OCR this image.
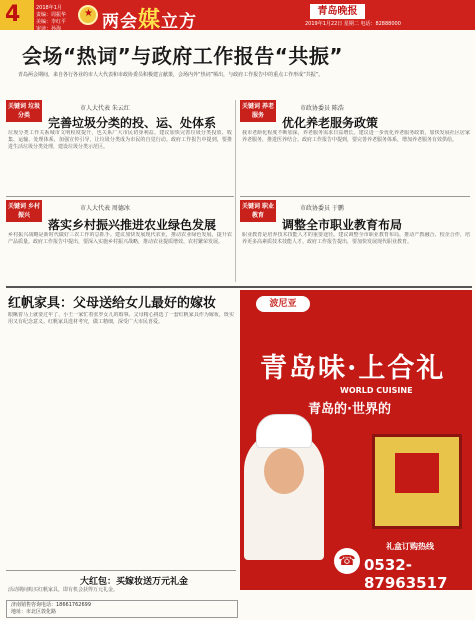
4	2018年1月
责编：周振华
美编：李红平
审读：孙海
★ 两会媒立方
青岛晚报
2019年1月22日 星期二 电话：82888000
会场“热词”与政府工作报告“共振”
青岛两会期间，来自各行各业的市人大代表和市政协委员积极建言献策，会场内外“热词”频出，与政府工作报告中的重点工作形成“共振”。
关键词 垃圾分类
市人大代表 朱云红
完善垃圾分类的投、运、处体系
垃圾分类工作关系城市文明程度提升，也关系广大市民切身利益。建议加快完善垃圾分类投放、收集、运输、处理体系，加强宣传引导，让垃圾分类成为市民的自觉行动。政府工作报告中提到，要推进生活垃圾分类处理，建设垃圾分类示范区。
关键词 乡村振兴
市人大代表 周德冰
落实乡村振兴推进农业绿色发展
乡村振兴战略是新时代做好三农工作的总抓手。建议加快发展现代农业，推动农业绿色发展，提升农产品质量。政府工作报告中提出，要深入实施乡村振兴战略，推动农业提质增效、农村繁荣发展。
关键词 养老服务
市政协委员 陈浩
优化养老服务政策
我市老龄化程度不断加深，养老服务需求日益增长。建议进一步优化养老服务政策，加快发展社区居家养老服务，推进医养结合。政府工作报告中提到，要完善养老服务体系，增加养老服务有效供给。
关键词 职业教育
市政协委员 于鹏
调整全市职业教育布局
职业教育是培养技术技能人才的重要途径。建议调整全市职业教育布局，推动产教融合、校企合作，培养更多高素质技术技能人才。政府工作报告提出，要加快发展现代职业教育。
红帆家具：父母送给女儿最好的嫁妆
眼瞅着马上就要过年了，小王一家忙着张罗女儿的婚事。父母精心挑选了一套红帆家具作为嫁妆，既实用又有纪念意义。红帆家具选材考究，做工精细，深受广大市民喜爱。
大红包：买嫁妆送万元礼金
活动期间购买红帆家具，即有机会获得万元礼金。
济南销售咨询电话：18661762699
地址：市北区敦化路
波尼亚
青岛味·上合礼
WORLD CUISINE
青岛的·世界的
☎
礼盒订购热线
0532-87963517
